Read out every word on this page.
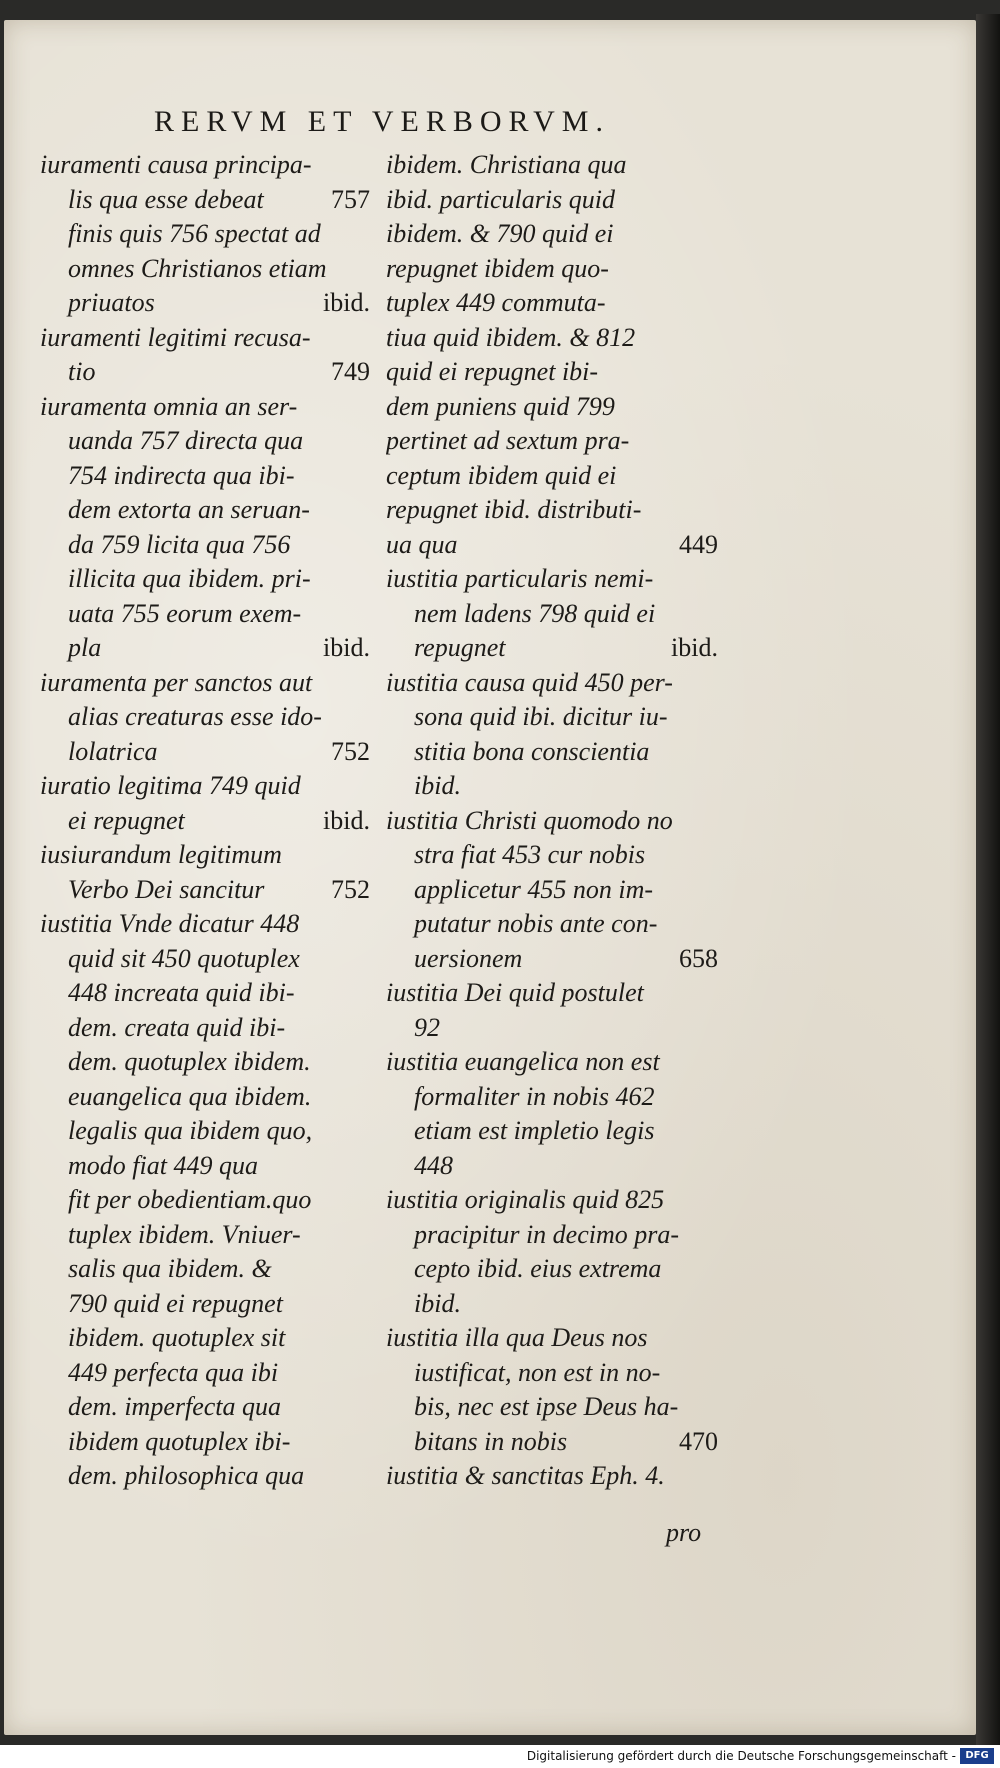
RERVM ET VERBORVM.
iuramenti causa principa-
lis qua esse debeat	757
finis quis 756 spectat ad
omnes Christianos etiam
priuatos	ibid.
iuramenti legitimi recusa-
tio	749
iuramenta omnia an ser-
uanda 757 directa qua
754 indirecta qua ibi-
dem extorta an seruan-
da 759 licita qua 756
illicita qua ibidem. pri-
uata 755 eorum exem-
pla	ibid.
iuramenta per sanctos aut
alias creaturas esse ido-
lolatrica	752
iuratio legitima 749 quid
ei repugnet	ibid.
iusiurandum legitimum
Verbo Dei sancitur	752
iustitia Vnde dicatur 448
quid sit 450 quotuplex
448 increata quid ibi-
dem. creata quid ibi-
dem. quotuplex ibidem.
euangelica qua ibidem.
legalis qua ibidem quo,
modo fiat 449 qua
fit per obedientiam.quo
tuplex ibidem. Vniuer-
salis qua ibidem. &
790 quid ei repugnet
ibidem. quotuplex sit
449 perfecta qua ibi
dem. imperfecta qua
ibidem quotuplex ibi-
dem. philosophica qua
ibidem. Christiana qua
ibid. particularis quid
ibidem. & 790 quid ei
repugnet ibidem quo-
tuplex 449 commuta-
tiua quid ibidem. & 812
quid ei repugnet ibi-
dem puniens quid 799
pertinet ad sextum pra-
ceptum ibidem quid ei
repugnet ibid. distributi-
ua qua	449
iustitia particularis nemi-
nem ladens 798 quid ei
repugnet	ibid.
iustitia causa quid 450 per-
sona quid ibi. dicitur iu-
stitia bona conscientia
ibid.
iustitia Christi quomodo no
stra fiat 453 cur nobis
applicetur 455 non im-
putatur nobis ante con-
uersionem	658
iustitia Dei quid postulet
92
iustitia euangelica non est
formaliter in nobis 462
etiam est impletio legis
448
iustitia originalis quid 825
pracipitur in decimo pra-
cepto ibid. eius extrema
ibid.
iustitia illa qua Deus nos
iustificat, non est in no-
bis, nec est ipse Deus ha-
bitans in nobis	470
iustitia & sanctitas Eph. 4.
pro
Digitalisierung gefördert durch die Deutsche Forschungsgemeinschaft - DFG
